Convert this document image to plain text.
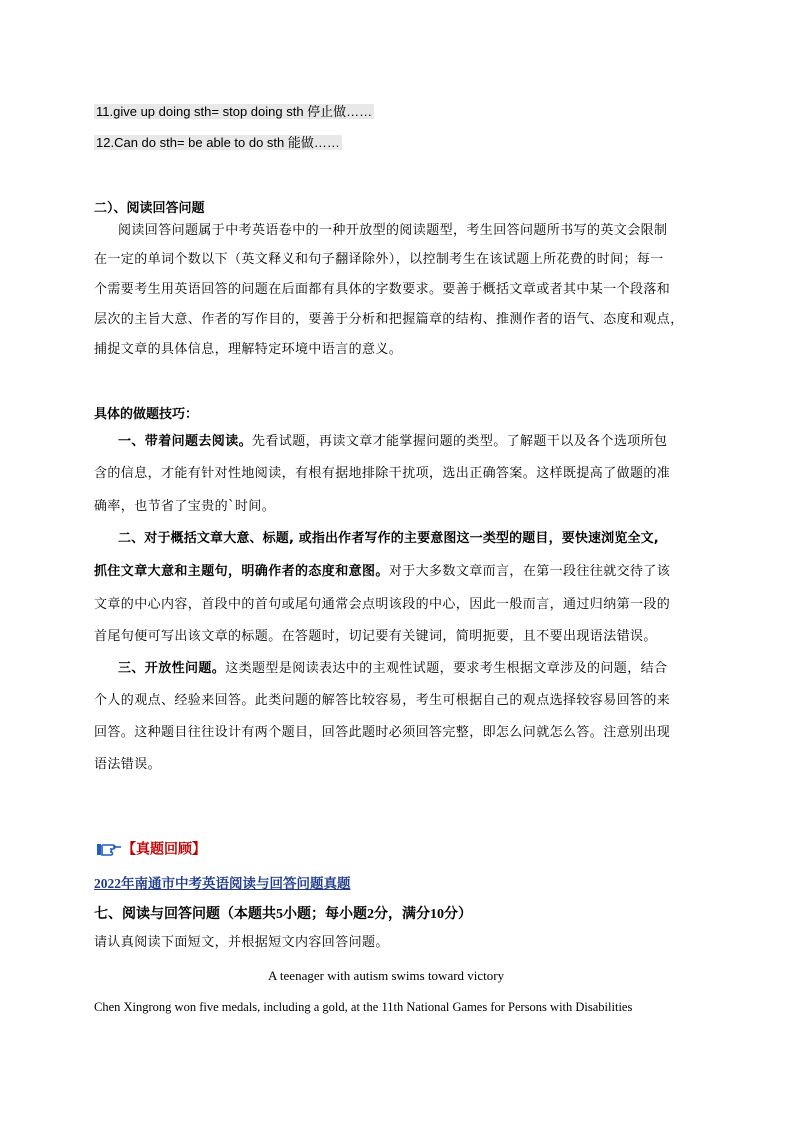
11.give up doing sth= stop doing sth 停止做……
12.Can do sth= be able to do sth 能做……
二）、阅读回答问题
阅读回答问题属于中考英语卷中的一种开放型的阅读题型，考生回答问题所书写的英文会限制
在一定的单词个数以下（英文释义和句子翻译除外），以控制考生在该试题上所花费的时间；每一
个需要考生用英语回答的问题在后面都有具体的字数要求。要善于概括文章或者其中某一个段落和
层次的主旨大意、作者的写作目的，要善于分析和把握篇章的结构、推测作者的语气、态度和观点，
捕捉文章的具体信息，理解特定环境中语言的意义。
具体的做题技巧：
一、带着问题去阅读。先看试题，再读文章才能掌握问题的类型。了解题干以及各个选项所包
含的信息，才能有针对性地阅读，有根有据地排除干扰项，选出正确答案。这样既提高了做题的准
确率，也节省了宝贵的`时间。
二、对于概括文章大意、标题, 或指出作者写作的主要意图这一类型的题目，要快速浏览全文,
抓住文章大意和主题句，明确作者的态度和意图。对于大多数文章而言，在第一段往往就交待了该
文章的中心内容，首段中的首句或尾句通常会点明该段的中心，因此一般而言，通过归纳第一段的
首尾句便可写出该文章的标题。在答题时，切记要有关键词，简明扼要，且不要出现语法错误。
三、开放性问题。这类题型是阅读表达中的主观性试题，要求考生根据文章涉及的问题，结合
个人的观点、经验来回答。此类问题的解答比较容易，考生可根据自己的观点选择较容易回答的来
回答。这种题目往往设计有两个题目，回答此题时必须回答完整，即怎么问就怎么答。注意别出现
语法错误。
【真题回顾】
2022年南通市中考英语阅读与回答问题真题
七、阅读与回答问题（本题共5小题；每小题2分，满分10分）
请认真阅读下面短文，并根据短文内容回答问题。
A teenager with autism swims toward victory
Chen Xingrong won five medals, including a gold, at the 11th National Games for Persons with Disabilities
